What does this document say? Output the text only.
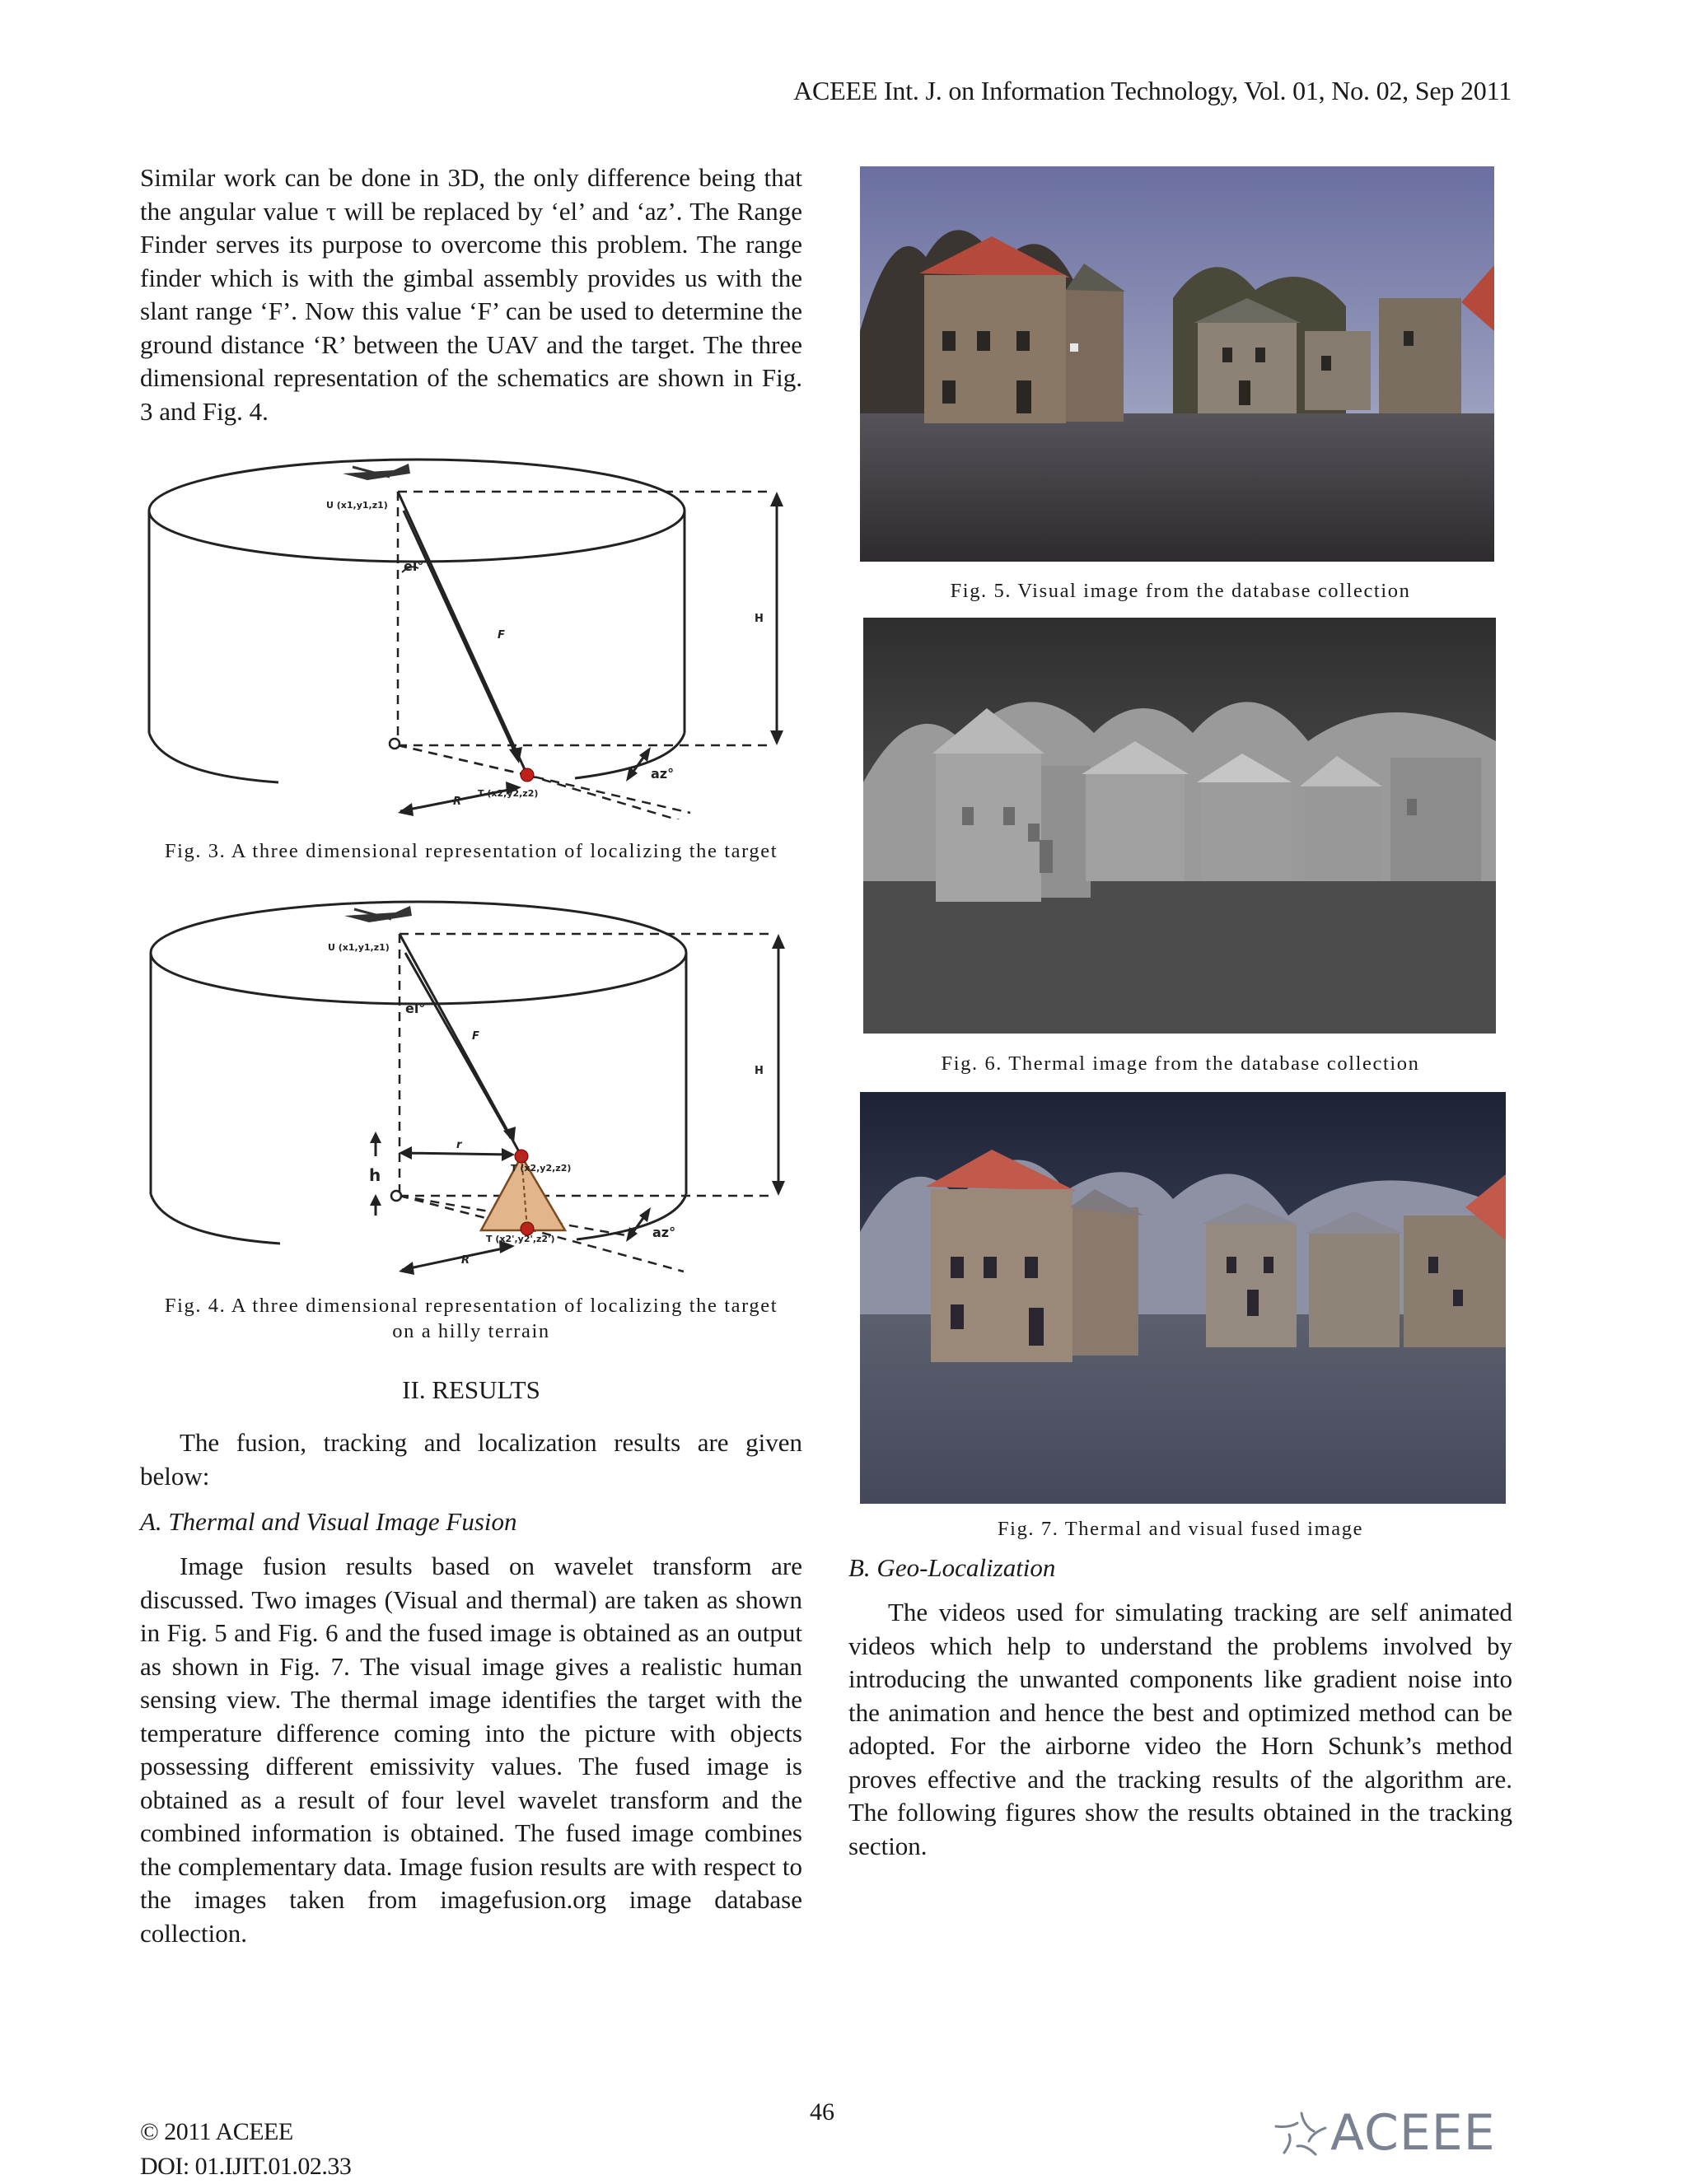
ACEEE Int. J. on Information Technology, Vol. 01, No. 02, Sep 2011

Similar work can be done in 3D, the only difference being that the angular value τ will be replaced by ‘el’ and ‘az’. The Range Finder serves its purpose to overcome this problem. The range finder which is with the gimbal assembly provides us with the slant range ‘F’. Now this value ‘F’ can be used to determine the ground distance ‘R’ between the UAV and the target. The three dimensional representation of the schematics are shown in Fig. 3 and Fig. 4.

U (x1,y1,z1)
el°
F
H
T (x2,y2,z2)
az°
R
Fig. 3. A three dimensional representation of localizing the target
U (x1,y1,z1)
el°
F
H
h
r
T (x2,y2,z2)
T (x2',y2',z2')	az°
R
Fig. 4. A three dimensional representation of localizing the target
on a hilly terrain
II. RESULTS

The fusion, tracking and localization results are given below:

A. Thermal and Visual Image Fusion

Image fusion results based on wavelet transform are discussed. Two images (Visual and thermal) are taken as shown in Fig. 5 and Fig. 6 and the fused image is obtained as an output as shown in Fig. 7. The visual image gives a realistic human sensing view. The thermal image identifies the target with the temperature difference coming into the picture with objects possessing different emissivity values. The fused image is obtained as a result of four level wavelet transform and the combined information is obtained. The fused image combines the complementary data. Image fusion results are with respect to the images taken from imagefusion.org image database collection.

Fig. 5. Visual image from the database collection
Fig. 6. Thermal image from the database collection
Fig. 7. Thermal and visual fused image
B. Geo-Localization

The videos used for simulating tracking are self animated videos which help to understand the problems involved by introducing the unwanted components like gradient noise into the animation and hence the best and optimized method can be adopted. For the airborne video the Horn Schunk’s method proves effective and the tracking results of the algorithm are. The following figures show the results obtained in the tracking section.

46
© 2011 ACEEE
DOI: 01.IJIT.01.02.33
ACEEE
